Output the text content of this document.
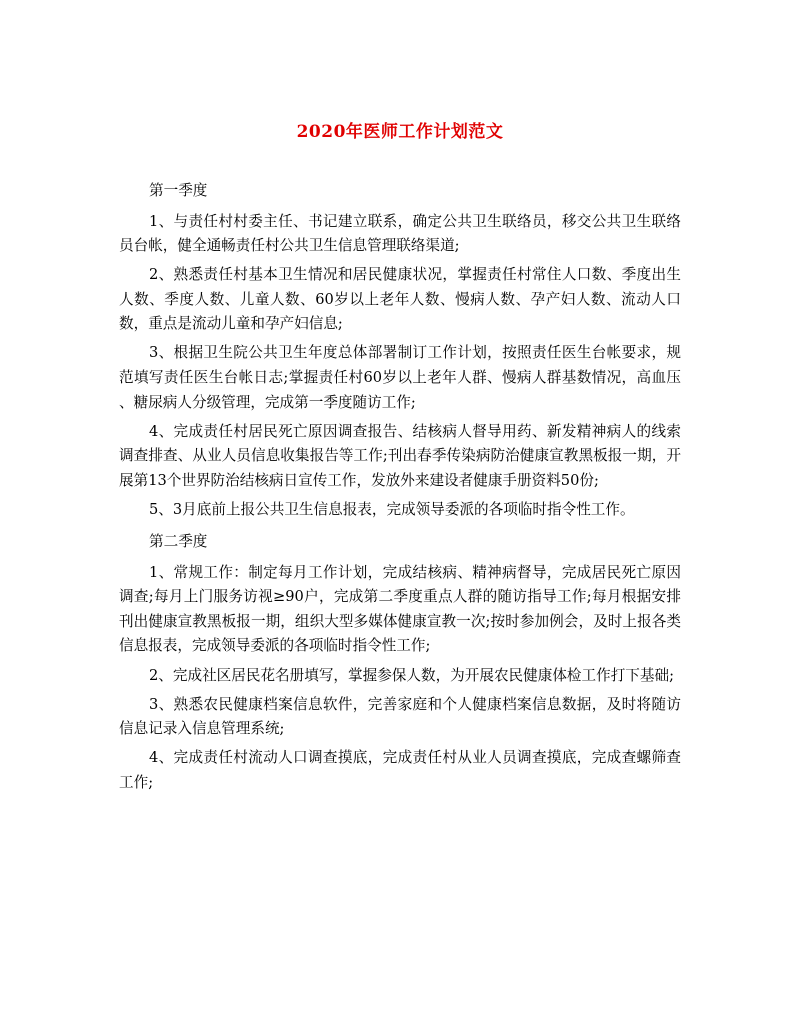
2020年医师工作计划范文

第一季度

1、与责任村村委主任、书记建立联系，确定公共卫生联络员，移交公共卫生联络员台帐，健全通畅责任村公共卫生信息管理联络渠道;

2、熟悉责任村基本卫生情况和居民健康状况，掌握责任村常住人口数、季度出生人数、季度人数、儿童人数、60岁以上老年人数、慢病人数、孕产妇人数、流动人口 数，重点是流动儿童和孕产妇信息;

3、根据卫生院公共卫生年度总体部署制订工作计划，按照责任医生台帐要求，规范填写责任医生台帐日志;掌握责任村60岁以上老年人群、慢病人群基数情况，高血压、糖尿病人分级管理，完成第一季度随访工作;

4、完成责任村居民死亡原因调查报告、结核病人督导用药、新发精神病人的线索调查排查、从业人员信息收集报告等工作;刊出春季传染病防治健康宣教黑板报一期，开展第13个世界防治结核病日宣传工作，发放外来建设者健康手册资料50份;

5、3月底前上报公共卫生信息报表，完成领导委派的各项临时指令性工作。

第二季度

1、常规工作：制定每月工作计划，完成结核病、精神病督导，完成居民死亡原因调查;每月上门服务访视≥90户，完成第二季度重点人群的随访指导工作;每月根据安排刊出健康宣教黑板报一期，组织大型多媒体健康宣教一次;按时参加例会，及时上报各类信息报表，完成领导委派的各项临时指令性工作;

2、完成社区居民花名册填写，掌握参保人数，为开展农民健康体检工作打下基础;

3、熟悉农民健康档案信息软件，完善家庭和个人健康档案信息数据，及时将随访信息记录入信息管理系统;

4、完成责任村流动人口调查摸底，完成责任村从业人员调查摸底，完成查螺筛查工作;
